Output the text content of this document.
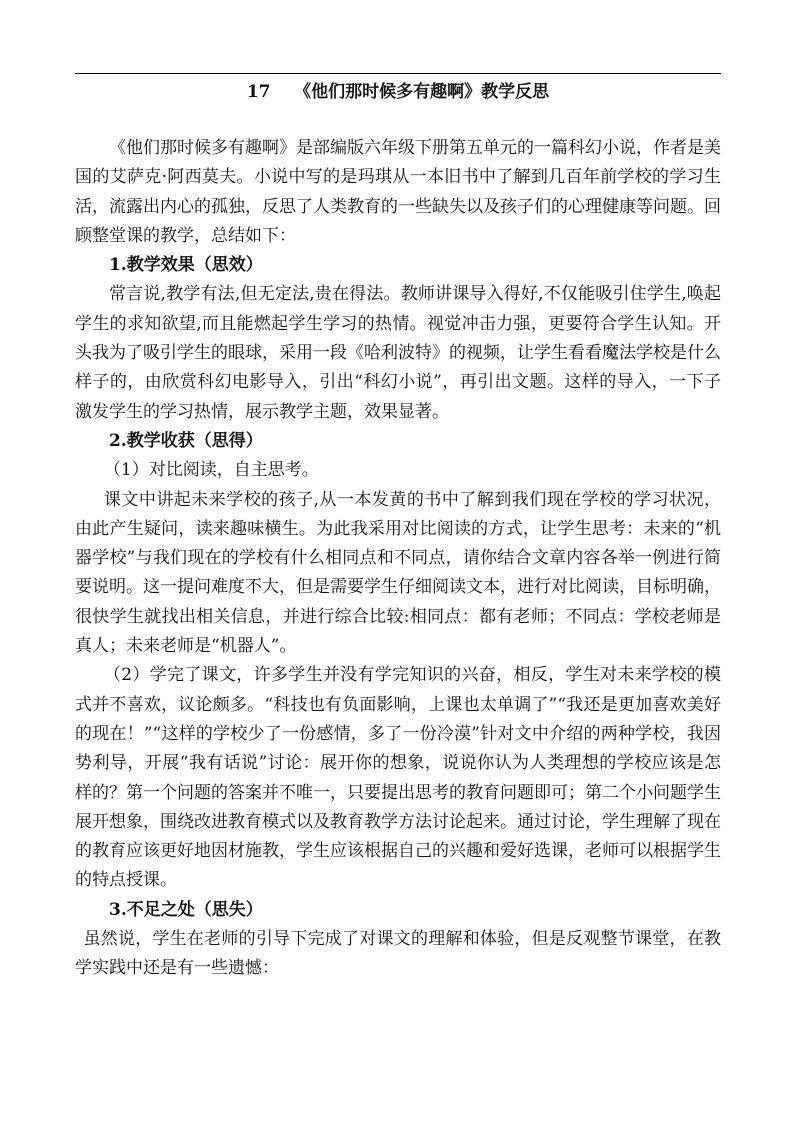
17    《他们那时候多有趣啊》教学反思

《他们那时候多有趣啊》是部编版六年级下册第五单元的一篇科幻小说，作者是美国的艾萨克·阿西莫夫。小说中写的是玛琪从一本旧书中了解到几百年前学校的学习生活，流露出内心的孤独，反思了人类教育的一些缺失以及孩子们的心理健康等问题。回顾整堂课的教学，总结如下：

1.教学效果（思效）

常言说,教学有法,但无定法,贵在得法。教师讲课导入得好,不仅能吸引住学生,唤起学生的求知欲望,而且能燃起学生学习的热情。视觉冲击力强，更要符合学生认知。开头我为了吸引学生的眼球，采用一段《哈利波特》的视频，让学生看看魔法学校是什么样子的，由欣赏科幻电影导入，引出“科幻小说”，再引出文题。这样的导入，一下子激发学生的学习热情，展示教学主题，效果显著。

2.教学收获（思得）

（1）对比阅读，自主思考。

课文中讲起未来学校的孩子,从一本发黄的书中了解到我们现在学校的学习状况，由此产生疑问，读来趣味横生。为此我采用对比阅读的方式，让学生思考：未来的“机器学校”与我们现在的学校有什么相同点和不同点，请你结合文章内容各举一例进行简要说明。这一提问难度不大，但是需要学生仔细阅读文本，进行对比阅读，目标明确，很快学生就找出相关信息，并进行综合比较:相同点：都有老师；不同点：学校老师是真人；未来老师是“机器人”。

（2）学完了课文，许多学生并没有学完知识的兴奋，相反，学生对未来学校的模式并不喜欢，议论颇多。“科技也有负面影响，上课也太单调了”“我还是更加喜欢美好的现在！”“这样的学校少了一份感情，多了一份冷漠”针对文中介绍的两种学校，我因势利导，开展“我有话说”讨论：展开你的想象，说说你认为人类理想的学校应该是怎样的？第一个问题的答案并不唯一，只要提出思考的教育问题即可；第二个小问题学生展开想象，围绕改进教育模式以及教育教学方法讨论起来。通过讨论，学生理解了现在的教育应该更好地因材施教，学生应该根据自己的兴趣和爱好选课，老师可以根据学生的特点授课。

3.不足之处（思失）

虽然说，学生在老师的引导下完成了对课文的理解和体验，但是反观整节课堂，在教学实践中还是有一些遗憾：
